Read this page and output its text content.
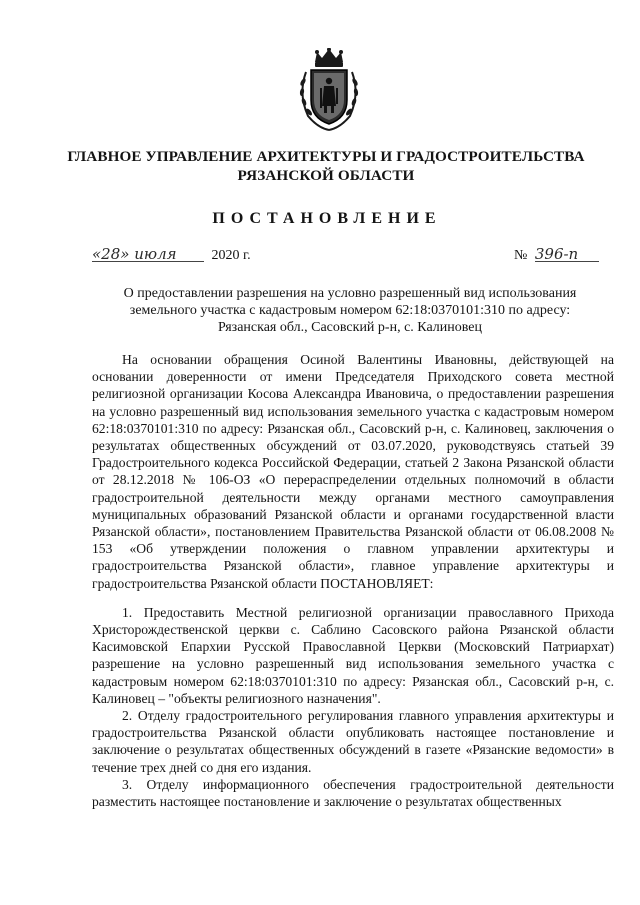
ГЛАВНОЕ УПРАВЛЕНИЕ АРХИТЕКТУРЫ И ГРАДОСТРОИТЕЛЬСТВА
РЯЗАНСКОЙ ОБЛАСТИ
ПОСТАНОВЛЕНИЕ
«28» июля 2020 г.	№ 396-п
О предоставлении разрешения на условно разрешенный вид использования
земельного участка с кадастровым номером 62:18:0370101:310 по адресу:
Рязанская обл., Сасовский р-н, с. Калиновец

На основании обращения Осиной Валентины Ивановны, действующей на основании доверенности от имени Председателя Приходского совета местной религиозной организации Косова Александра Ивановича, о предоставлении разрешения на условно разрешенный вид использования земельного участка с кадастровым номером 62:18:0370101:310 по адресу: Рязанская обл., Сасовский р-н, с. Калиновец, заключения о результатах общественных обсуждений от 03.07.2020, руководствуясь статьей 39 Градостроительного кодекса Российской Федерации, статьей 2 Закона Рязанской области от 28.12.2018 № 106-ОЗ «О перераспределении отдельных полномочий в области градостроительной деятельности между органами местного самоуправления муниципальных образований Рязанской области и органами государственной власти Рязанской области», постановлением Правительства Рязанской области от 06.08.2008 № 153 «Об утверждении положения о главном управлении архитектуры и градостроительства Рязанской области», главное управление архитектуры и градостроительства Рязанской области ПОСТАНОВЛЯЕТ:

1. Предоставить Местной религиозной организации православного Прихода Христорождественской церкви с. Саблино Сасовского района Рязанской области Касимовской Епархии Русской Православной Церкви (Московский Патриархат) разрешение на условно разрешенный вид использования земельного участка с кадастровым номером 62:18:0370101:310 по адресу: Рязанская обл., Сасовский р-н, с. Калиновец – "объекты религиозного назначения".

2. Отделу градостроительного регулирования главного управления архитектуры и градостроительства Рязанской области опубликовать настоящее постановление и заключение о результатах общественных обсуждений в газете «Рязанские ведомости» в течение трех дней со дня его издания.

3. Отделу информационного обеспечения градостроительной деятельности разместить настоящее постановление и заключение о результатах общественных
